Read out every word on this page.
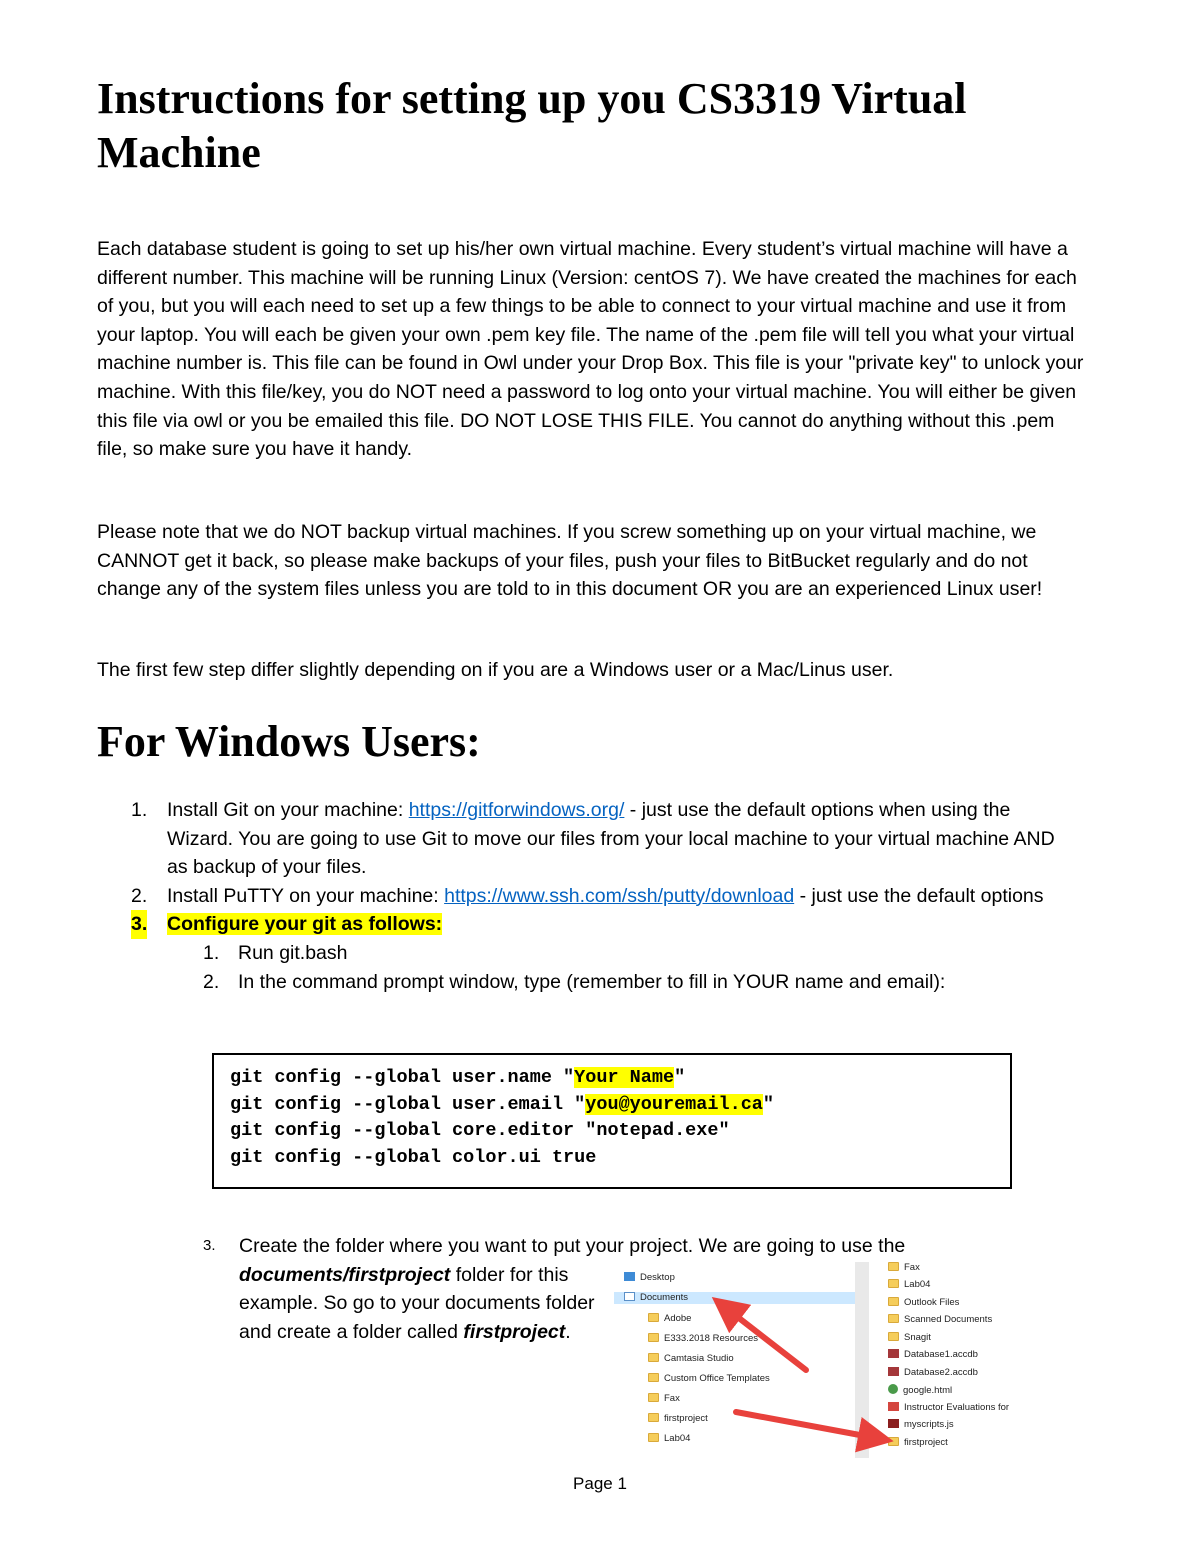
Instructions for setting up you CS3319 Virtual Machine

Each database student is going to set up his/her own virtual machine. Every student’s virtual machine will have a different number. This machine will be running Linux (Version: centOS 7). We have created the machines for each of you, but you will each need to set up a few things to be able to connect to your virtual machine and use it from your laptop. You will each be given your own .pem key file. The name of the .pem file will tell you what your virtual machine number is. This file can be found in Owl under your Drop Box. This file is your "private key" to unlock your machine. With this file/key, you do NOT need a password to log onto your virtual machine. You will either be given this file via owl or you be emailed this file. DO NOT LOSE THIS FILE. You cannot do anything without this .pem file, so make sure you have it handy.

Please note that we do NOT backup virtual machines. If you screw something up on your virtual machine, we CANNOT get it back, so please make backups of your files, push your files to BitBucket regularly and do not change any of the system files unless you are told to in this document OR you are an experienced Linux user!

The first few step differ slightly depending on if you are a Windows user or a Mac/Linus user.

For Windows Users:
1. Install Git on your machine: https://gitforwindows.org/ - just use the default options when using the Wizard. You are going to use Git to move our files from your local machine to your virtual machine AND as backup of your files.
2. Install PuTTY on your machine: https://www.ssh.com/ssh/putty/download - just use the default options
3. Configure your git as follows:
1. Run git.bash
2. In the command prompt window, type (remember to fill in YOUR name and email):
git config --global user.name "Your Name"
git config --global user.email "you@youremail.ca"
git config --global core.editor "notepad.exe"
git config --global color.ui true
3. Create the folder where you want to put your project. We are going to use the
documents/firstproject folder for this example. So go to your documents folder and create a folder called firstproject.
Desktop
Documents
Adobe
E333.2018 Resources
Camtasia Studio
Custom Office Templates
Fax
firstproject
Lab04
Fax
Lab04
Outlook Files
Scanned Documents
Snagit
Database1.accdb
Database2.accdb
google.html
Instructor Evaluations for
myscripts.js
firstproject
Page 1
